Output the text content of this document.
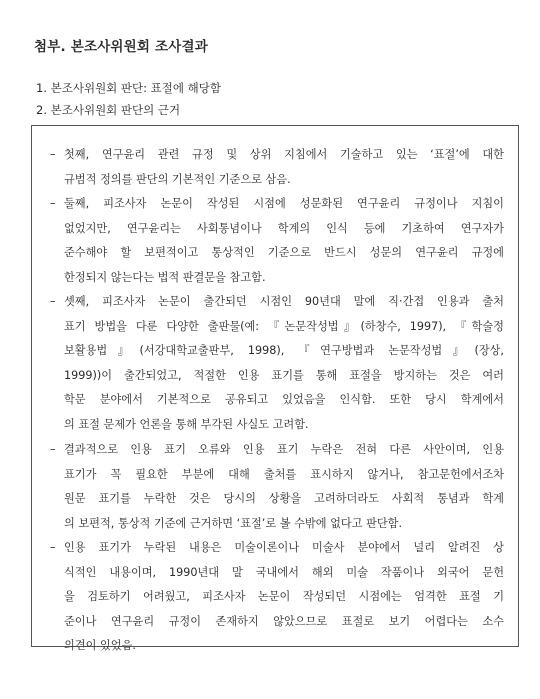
첨부. 본조사위원회 조사결과
1. 본조사위원회 판단: 표절에 해당함
2. 본조사위원회 판단의 근거
– 첫째, 연구윤리 관련 규정 및 상위 지침에서 기술하고 있는 ‘표절’에 대한
규범적 정의를 판단의 기본적인 기준으로 삼음.
– 둘째, 피조사자 논문이 작성된 시점에 성문화된 연구윤리 규정이나 지침이
없었지만, 연구윤리는 사회통념이나 학계의 인식 등에 기초하여 연구자가
준수해야 할 보편적이고 통상적인 기준으로 반드시 성문의 연구윤리 규정에
한정되지 않는다는 법적 판결문을 참고함.
– 셋째, 피조사자 논문이 출간되던 시점인 90년대 말에 직·간접 인용과 출처
표기 방법을 다룬 다양한 출판물(예: 『논문작성법』(하창수, 1997), 『학술정
보활용법』(서강대학교출판부, 1998), 『연구방법과 논문작성법』(장상,
1999))이 출간되었고, 적절한 인용 표기를 통해 표절을 방지하는 것은 여러
학문 분야에서 기본적으로 공유되고 있었음을 인식함. 또한 당시 학계에서
의 표절 문제가 언론을 통해 부각된 사실도 고려함.
– 결과적으로 인용 표기 오류와 인용 표기 누락은 전혀 다른 사안이며, 인용
표기가 꼭 필요한 부분에 대해 출처를 표시하지 않거나, 참고문헌에서조차
원문 표기를 누락한 것은 당시의 상황을 고려하더라도 사회적 통념과 학계
의 보편적, 통상적 기준에 근거하면 ‘표절’로 볼 수밖에 없다고 판단함.
– 인용 표기가 누락된 내용은 미술이론이나 미술사 분야에서 널리 알려진 상
식적인 내용이며, 1990년대 말 국내에서 해외 미술 작품이나 외국어 문헌
을 검토하기 어려웠고, 피조사자 논문이 작성되던 시점에는 엄격한 표절 기
준이나 연구윤리 규정이 존재하지 않았으므로 표절로 보기 어렵다는 소수
의견이 있었음.
